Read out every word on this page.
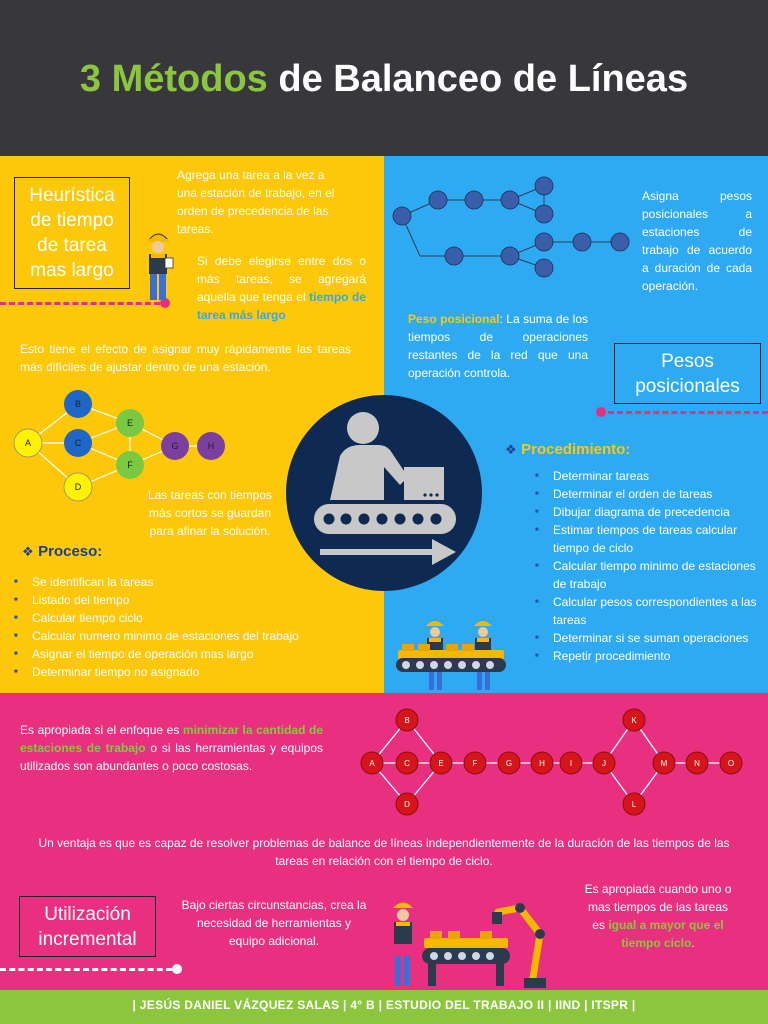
3 Métodos de Balanceo de Líneas
Heurística de tiempo de tarea mas largo
Agrega una tarea a la vez a una estación de trabajo, en el orden de precedencia de las tareas.
Si debe elegirse entre dos o más tareas, se agregará aquella que tenga el tiempo de tarea más largo
Esto tiene el efecto de asignar muy rápidamente las tareas más difíciles de ajustar dentro de una estación.
A
B
C
D
E
F
G	H
Las tareas con tiempos más cortos se guardan para afinar la solución.
❖ Proceso:
■ Se identifican la tareas
■ Listado del tiempo
■ Calcular tiempo ciclo
■ Calcular numero minimo de estaciones del trabajo
■ Asignar el tiempo de operación mas largo
■ Determinar tiempo no asignado
Asigna pesos posicionales a estaciones de trabajo de acuerdo a duración de cada operación.
Peso posicional: La suma de los tiempos de operaciones restantes de la red que una operación controla.
Pesos posicionales
❖ Procedimiento:
■ Determinar tareas
■ Determinar el orden de tareas
■ Dibujar diagrama de precedencia
■ Estimar tiempos de tareas calcular tiempo de ciclo
■ Calcular tiempo minimo de estaciones de trabajo
■ Calcular pesos correspondientes a las tareas
■ Determinar si se suman operaciones
■ Repetir procedimiento
Es apropiada si el enfoque es minimizar la cantidad de estaciones de trabajo o si las herramientas y equipos utilizados son abundantes o poco costosas.	A
B
C
D
E	F	G	H	I	J
K
L
M	N	O
Un ventaja es que es capaz de resolver problemas de balance de líneas independientemente de la duración de las tiempos de las tareas en relación con el tiempo de ciclo.
Utilización incremental
Bajo ciertas circunstancias, crea la necesidad de herramientas y equipo adicional.
Es apropiada cuando uno o mas tiempos de las tareas es igual a mayor que el tiempo ciclo.
| JESÚS DANIEL VÁZQUEZ SALAS | 4° B | ESTUDIO DEL TRABAJO II | IIND | ITSPR |
